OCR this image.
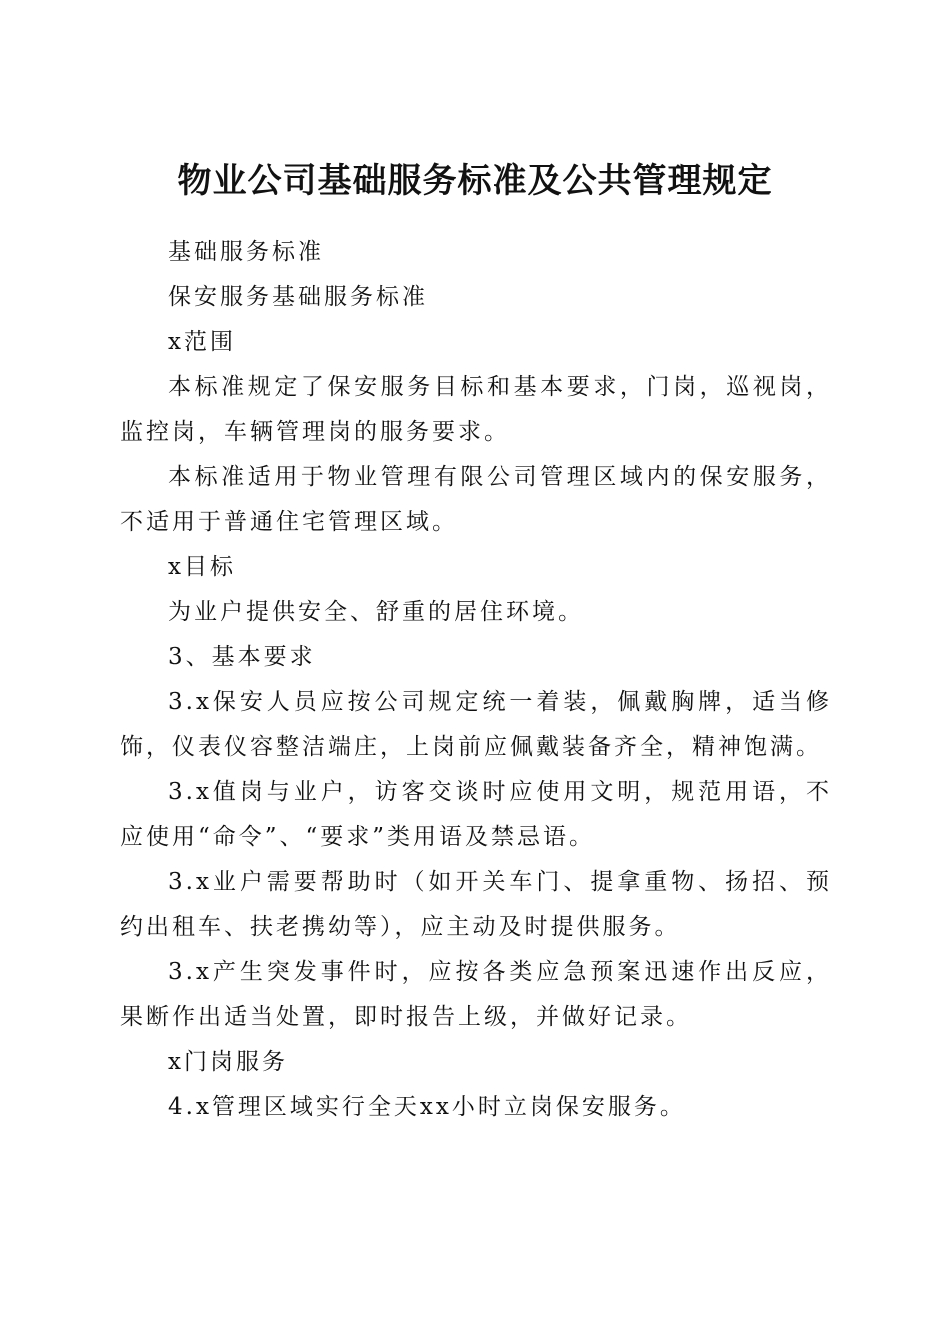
物业公司基础服务标准及公共管理规定

基础服务标准

保安服务基础服务标准

x范围

本标准规定了保安服务目标和基本要求，门岗，巡视岗，监控岗，车辆管理岗的服务要求。

本标准适用于物业管理有限公司管理区域内的保安服务，不适用于普通住宅管理区域。

x目标

为业户提供安全、舒重的居住环境。

3、基本要求

3.x保安人员应按公司规定统一着装，佩戴胸牌，适当修饰，仪表仪容整洁端庄，上岗前应佩戴装备齐全，精神饱满。

3.x值岗与业户，访客交谈时应使用文明，规范用语，不应使用“命令”、“要求”类用语及禁忌语。

3.x业户需要帮助时（如开关车门、提拿重物、扬招、预约出租车、扶老携幼等），应主动及时提供服务。

3.x产生突发事件时，应按各类应急预案迅速作出反应，果断作出适当处置，即时报告上级，并做好记录。

x门岗服务

4.x管理区域实行全天xx小时立岗保安服务。
